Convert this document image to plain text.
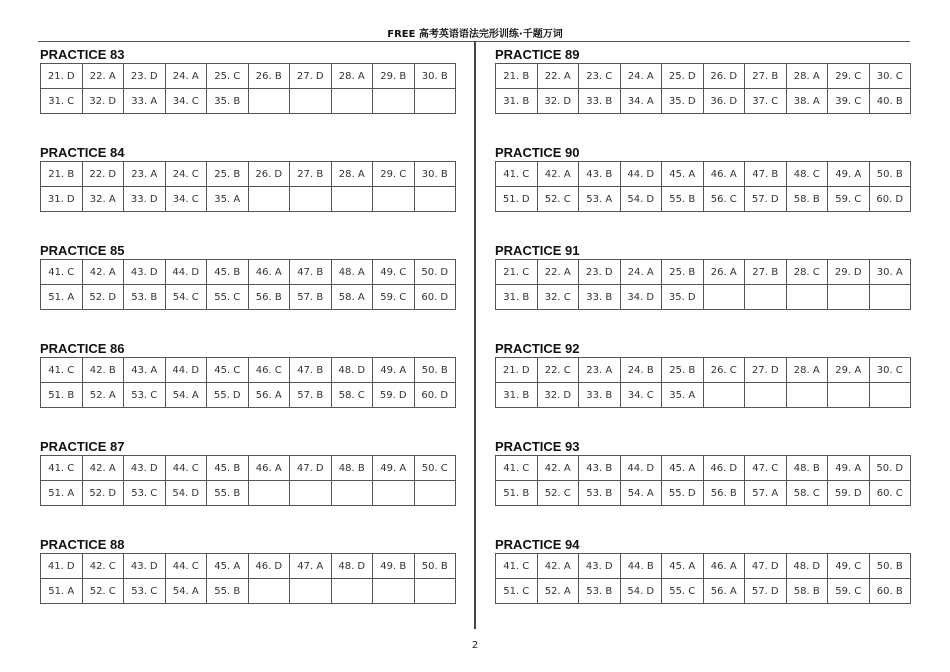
FREE 高考英语语法完形训练·千题万词
PRACTICE 83
21. D	22. A	23. D	24. A	25. C	26. B	27. D	28. A	29. B	30. B
31. C	32. D	33. A	34. C	35. B					
PRACTICE 84
21. B	22. D	23. A	24. C	25. B	26. D	27. B	28. A	29. C	30. B
31. D	32. A	33. D	34. C	35. A					
PRACTICE 85
41. C	42. A	43. D	44. D	45. B	46. A	47. B	48. A	49. C	50. D
51. A	52. D	53. B	54. C	55. C	56. B	57. B	58. A	59. C	60. D
PRACTICE 86
41. C	42. B	43. A	44. D	45. C	46. C	47. B	48. D	49. A	50. B
51. B	52. A	53. C	54. A	55. D	56. A	57. B	58. C	59. D	60. D
PRACTICE 87
41. C	42. A	43. D	44. C	45. B	46. A	47. D	48. B	49. A	50. C
51. A	52. D	53. C	54. D	55. B					
PRACTICE 88
41. D	42. C	43. D	44. C	45. A	46. D	47. A	48. D	49. B	50. B
51. A	52. C	53. C	54. A	55. B					
PRACTICE 89
21. B	22. A	23. C	24. A	25. D	26. D	27. B	28. A	29. C	30. C
31. B	32. D	33. B	34. A	35. D	36. D	37. C	38. A	39. C	40. B
PRACTICE 90
41. C	42. A	43. B	44. D	45. A	46. A	47. B	48. C	49. A	50. B
51. D	52. C	53. A	54. D	55. B	56. C	57. D	58. B	59. C	60. D
PRACTICE 91
21. C	22. A	23. D	24. A	25. B	26. A	27. B	28. C	29. D	30. A
31. B	32. C	33. B	34. D	35. D					
PRACTICE 92
21. D	22. C	23. A	24. B	25. B	26. C	27. D	28. A	29. A	30. C
31. B	32. D	33. B	34. C	35. A					
PRACTICE 93
41. C	42. A	43. B	44. D	45. A	46. D	47. C	48. B	49. A	50. D
51. B	52. C	53. B	54. A	55. D	56. B	57. A	58. C	59. D	60. C
PRACTICE 94
41. C	42. A	43. D	44. B	45. A	46. A	47. D	48. D	49. C	50. B
51. C	52. A	53. B	54. D	55. C	56. A	57. D	58. B	59. C	60. B
2
